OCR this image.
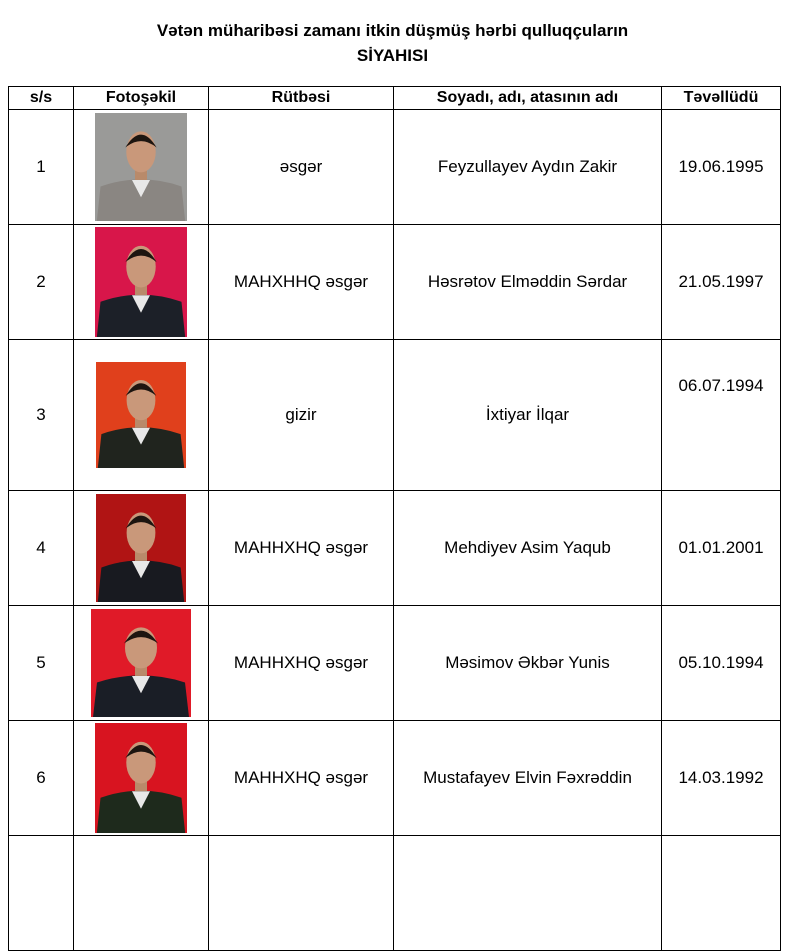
Vətən müharibəsi zamanı itkin düşmüş hərbi qulluqçuların
SİYAHISI
s/s	Fotoşəkil	Rütbəsi	Soyadı, adı, atasının adı	Təvəllüdü
1		əsgər	Feyzullayev Aydın Zakir	19.06.1995
2		MAHXHHQ əsgər	Həsrətov Elməddin Sərdar	21.05.1997
3		gizir	İxtiyar İlqar	06.07.1994
4		MAHHXHQ əsgər	Mehdiyev Asim Yaqub	01.01.2001
5		MAHHXHQ əsgər	Məsimov Əkbər Yunis	05.10.1994
6		MAHHXHQ əsgər	Mustafayev Elvin Fəxrəddin	14.03.1992
